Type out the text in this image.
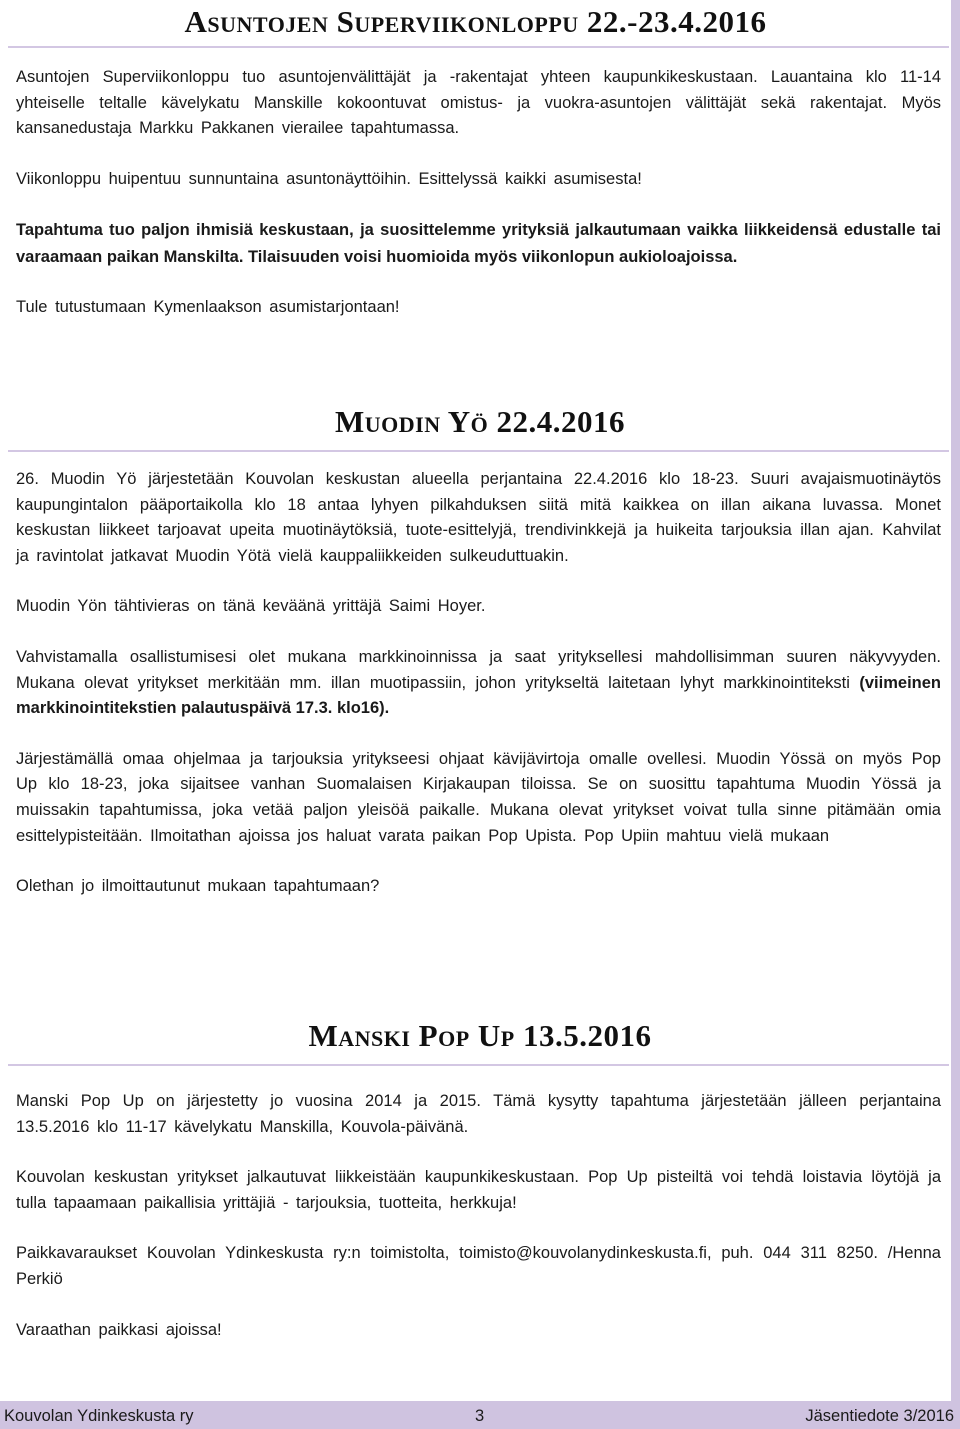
Asuntojen Superviikonloppu 22.-23.4.2016

Asuntojen Superviikonloppu tuo asuntojenvälittäjät ja -rakentajat yhteen kaupunkikeskustaan. Lauantaina klo 11-14 yhteiselle teltalle kävelykatu Manskille kokoontuvat omistus- ja vuokra-asuntojen välittäjät sekä rakentajat. Myös kansanedustaja Markku Pakkanen vierailee tapahtumassa.

Viikonloppu huipentuu sunnuntaina asuntonäyttöihin. Esittelyssä kaikki asumisesta!

Tapahtuma tuo paljon ihmisiä keskustaan, ja suosittelemme yrityksiä jalkautumaan vaikka liikkeidensä edustalle tai varaamaan paikan Manskilta. Tilaisuuden voisi huomioida myös viikonlopun aukioloajoissa.

Tule tutustumaan Kymenlaakson asumistarjontaan!

Muodin Yö 22.4.2016

26. Muodin Yö järjestetään Kouvolan keskustan alueella perjantaina 22.4.2016 klo 18-23. Suuri avajaismuotinäytös kaupungintalon pääportaikolla klo 18 antaa lyhyen pilkahduksen siitä mitä kaikkea on illan aikana luvassa. Monet keskustan liikkeet tarjoavat upeita muotinäytöksiä, tuote-esittelyjä, trendivinkkejä ja huikeita tarjouksia illan ajan. Kahvilat ja ravintolat jatkavat Muodin Yötä vielä kauppaliikkeiden sulkeuduttuakin.

Muodin Yön tähtivieras on tänä keväänä yrittäjä Saimi Hoyer.

Vahvistamalla osallistumisesi olet mukana markkinoinnissa ja saat yrityksellesi mahdollisimman suuren näkyvyyden. Mukana olevat yritykset merkitään mm. illan muotipassiin, johon yritykseltä laitetaan lyhyt markkinointiteksti (viimeinen markkinointitekstien palautuspäivä 17.3. klo16).

Järjestämällä omaa ohjelmaa ja tarjouksia yritykseesi ohjaat kävijävirtoja omalle ovellesi. Muodin Yössä on myös Pop Up klo 18-23, joka sijaitsee vanhan Suomalaisen Kirjakaupan tiloissa. Se on suosittu tapahtuma Muodin Yössä ja muissakin tapahtumissa, joka vetää paljon yleisöä paikalle. Mukana olevat yritykset voivat tulla sinne pitämään omia esittelypisteitään. Ilmoitathan ajoissa jos haluat varata paikan Pop Upista. Pop Upiin mahtuu vielä mukaan

Olethan jo ilmoittautunut mukaan tapahtumaan?

Manski Pop Up 13.5.2016

Manski Pop Up on järjestetty jo vuosina 2014 ja 2015. Tämä kysytty tapahtuma järjestetään jälleen perjantaina 13.5.2016 klo 11-17 kävelykatu Manskilla, Kouvola-päivänä.

Kouvolan keskustan yritykset jalkautuvat liikkeistään kaupunkikeskustaan. Pop Up pisteiltä voi tehdä loistavia löytöjä ja tulla tapaamaan paikallisia yrittäjiä - tarjouksia, tuotteita, herkkuja!

Paikkavaraukset Kouvolan Ydinkeskusta ry:n toimistolta, toimisto@kouvolanydinkeskusta.fi, puh. 044 311 8250. /Henna Perkiö

Varaathan paikkasi ajoissa!

Kouvolan Ydinkeskusta ry	3	Jäsentiedote 3/2016
